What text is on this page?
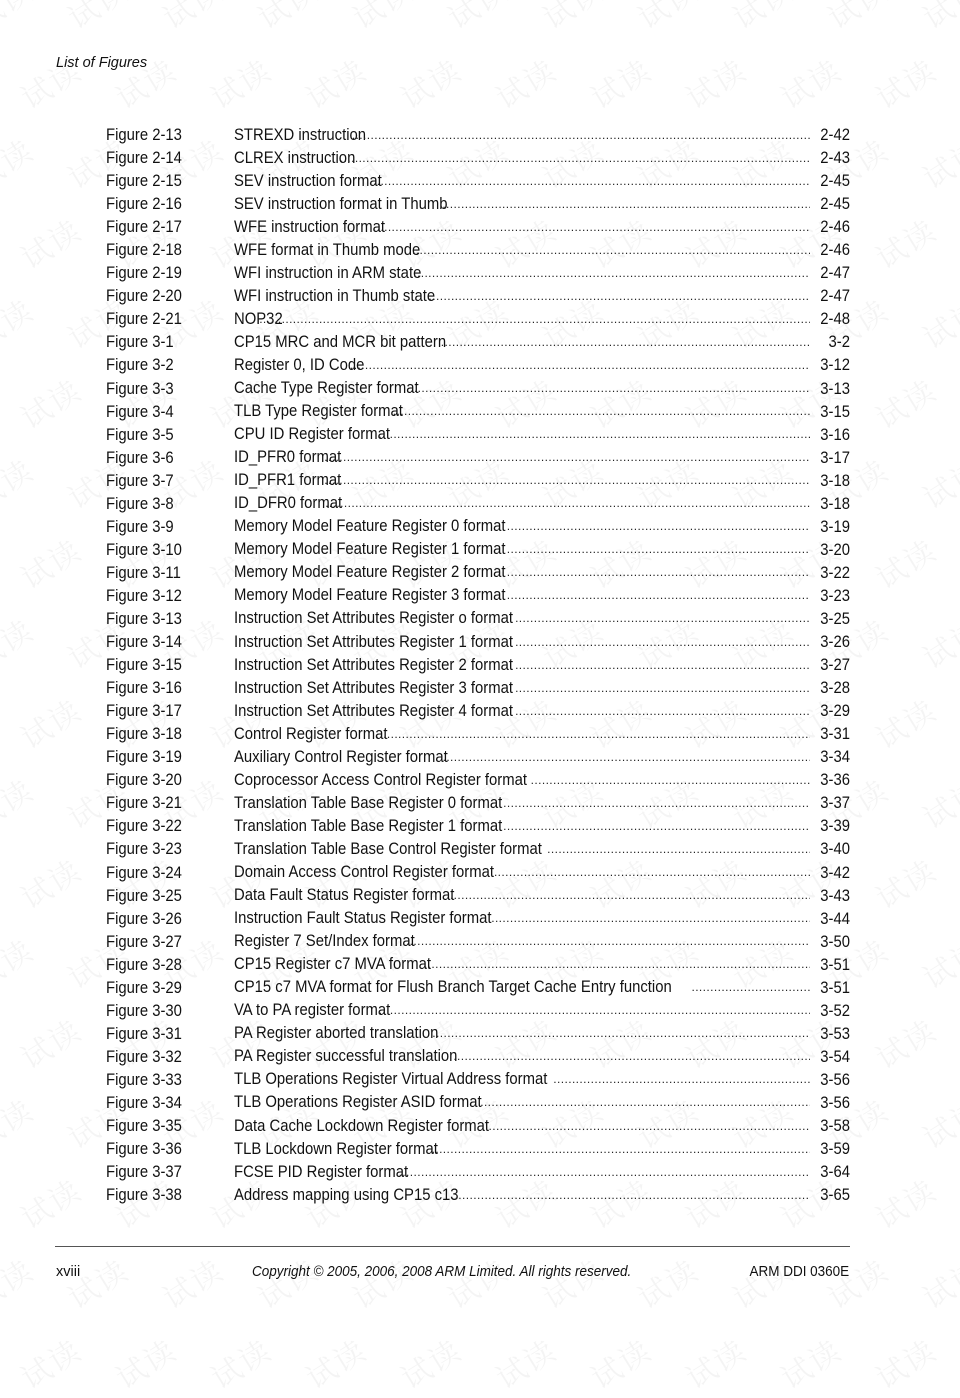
List of Figures
Figure 2-13	STREXD instruction .....	2-42
Figure 2-14	CLREX instruction .....	2-43
Figure 2-15	SEV instruction format .....	2-45
Figure 2-16	SEV instruction format in Thumb .....	2-45
Figure 2-17	WFE instruction format .....	2-46
Figure 2-18	WFE format in Thumb mode .....	2-46
Figure 2-19	WFI instruction in ARM state .....	2-47
Figure 2-20	WFI instruction in Thumb state .....	2-47
Figure 2-21	NOP32 .....	2-48
Figure 3-1	CP15 MRC and MCR bit pattern .....	3-2
Figure 3-2	Register 0, ID Code .....	3-12
Figure 3-3	Cache Type Register format .....	3-13
Figure 3-4	TLB Type Register format .....	3-15
Figure 3-5	CPU ID Register format .....	3-16
Figure 3-6	ID_PFR0 format .....	3-17
Figure 3-7	ID_PFR1 format .....	3-18
Figure 3-8	ID_DFR0 format .....	3-18
Figure 3-9	Memory Model Feature Register 0 format .....	3-19
Figure 3-10	Memory Model Feature Register 1 format .....	3-20
Figure 3-11	Memory Model Feature Register 2 format .....	3-22
Figure 3-12	Memory Model Feature Register 3 format .....	3-23
Figure 3-13	Instruction Set Attributes Register o format .....	3-25
Figure 3-14	Instruction Set Attributes Register 1 format .....	3-26
Figure 3-15	Instruction Set Attributes Register 2 format .....	3-27
Figure 3-16	Instruction Set Attributes Register 3 format .....	3-28
Figure 3-17	Instruction Set Attributes Register 4 format .....	3-29
Figure 3-18	Control Register format .....	3-31
Figure 3-19	Auxiliary Control Register format .....	3-34
Figure 3-20	Coprocessor Access Control Register format .....	3-36
Figure 3-21	Translation Table Base Register 0 format .....	3-37
Figure 3-22	Translation Table Base Register 1 format .....	3-39
Figure 3-23	Translation Table Base Control Register format .....	3-40
Figure 3-24	Domain Access Control Register format .....	3-42
Figure 3-25	Data Fault Status Register format .....	3-43
Figure 3-26	Instruction Fault Status Register format .....	3-44
Figure 3-27	Register 7 Set/Index format .....	3-50
Figure 3-28	CP15 Register c7 MVA format .....	3-51
Figure 3-29	CP15 c7 MVA format for Flush Branch Target Cache Entry function .....	3-51
Figure 3-30	VA to PA register format .....	3-52
Figure 3-31	PA Register aborted translation .....	3-53
Figure 3-32	PA Register successful translation .....	3-54
Figure 3-33	TLB Operations Register Virtual Address format .....	3-56
Figure 3-34	TLB Operations Register ASID format .....	3-56
Figure 3-35	Data Cache Lockdown Register format .....	3-58
Figure 3-36	TLB Lockdown Register format .....	3-59
Figure 3-37	FCSE PID Register format .....	3-64
Figure 3-38	Address mapping using CP15 c13 .....	3-65
xviii	Copyright © 2005, 2006, 2008 ARM Limited. All rights reserved.	ARM DDI 0360E
